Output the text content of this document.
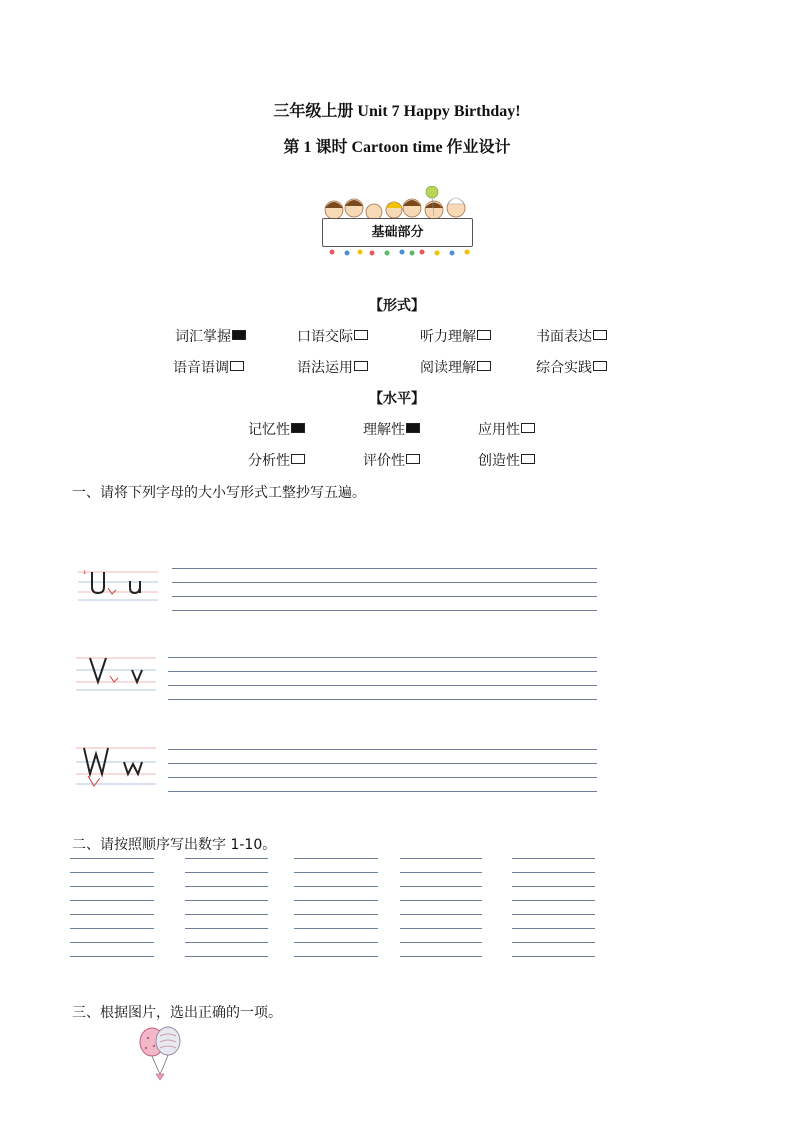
三年级上册 Unit 7 Happy Birthday!
第 1 课时 Cartoon time 作业设计
基础部分
【形式】
词汇掌握	口语交际	听力理解	书面表达
语音语调	语法运用	阅读理解	综合实践
【水平】
记忆性	理解性	应用性
分析性	评价性	创造性
一、请将下列字母的大小写形式工整抄写五遍。
↓
二、请按照顺序写出数字 1-10。
三、根据图片，选出正确的一项。
